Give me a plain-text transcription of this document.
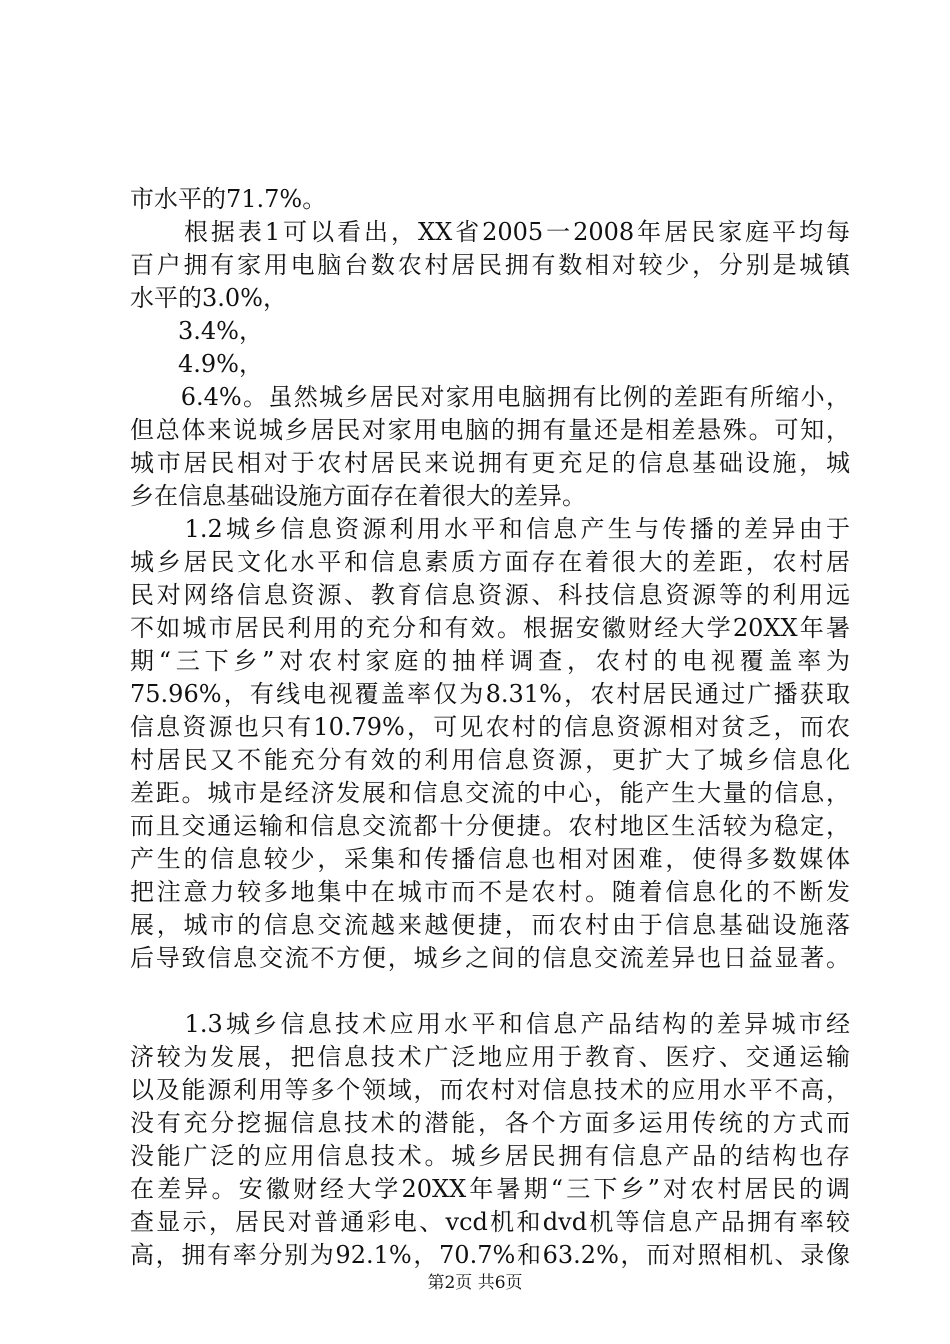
市水平的71.7%。
　　根据表1可以看出，XX省2005一2008年居民家庭平均每
百户拥有家用电脑台数农村居民拥有数相对较少，分别是城镇
水平的3.0%，
　　3.4%，
　　4.9%，
　　6.4%。虽然城乡居民对家用电脑拥有比例的差距有所缩小，
但总体来说城乡居民对家用电脑的拥有量还是相差悬殊。可知，
城市居民相对于农村居民来说拥有更充足的信息基础设施，城
乡在信息基础设施方面存在着很大的差异。
　　1.2城乡信息资源利用水平和信息产生与传播的差异由于
城乡居民文化水平和信息素质方面存在着很大的差距，农村居
民对网络信息资源、教育信息资源、科技信息资源等的利用远
不如城市居民利用的充分和有效。根据安徽财经大学20XX年暑
期“三下乡”对农村家庭的抽样调查，农村的电视覆盖率为
75.96%，有线电视覆盖率仅为8.31%，农村居民通过广播获取
信息资源也只有10.79%，可见农村的信息资源相对贫乏，而农
村居民又不能充分有效的利用信息资源，更扩大了城乡信息化
差距。城市是经济发展和信息交流的中心，能产生大量的信息，
而且交通运输和信息交流都十分便捷。农村地区生活较为稳定，
产生的信息较少，采集和传播信息也相对困难，使得多数媒体
把注意力较多地集中在城市而不是农村。随着信息化的不断发
展，城市的信息交流越来越便捷，而农村由于信息基础设施落
后导致信息交流不方便，城乡之间的信息交流差异也日益显著。
　　1.3城乡信息技术应用水平和信息产品结构的差异城市经
济较为发展，把信息技术广泛地应用于教育、医疗、交通运输
以及能源利用等多个领域，而农村对信息技术的应用水平不高，
没有充分挖掘信息技术的潜能，各个方面多运用传统的方式而
没能广泛的应用信息技术。城乡居民拥有信息产品的结构也存
在差异。安徽财经大学20XX年暑期“三下乡”对农村居民的调
查显示，居民对普通彩电、vcd机和dvd机等信息产品拥有率较
高，拥有率分别为92.1%，70.7%和63.2%，而对照相机、录像
第2页 共6页
